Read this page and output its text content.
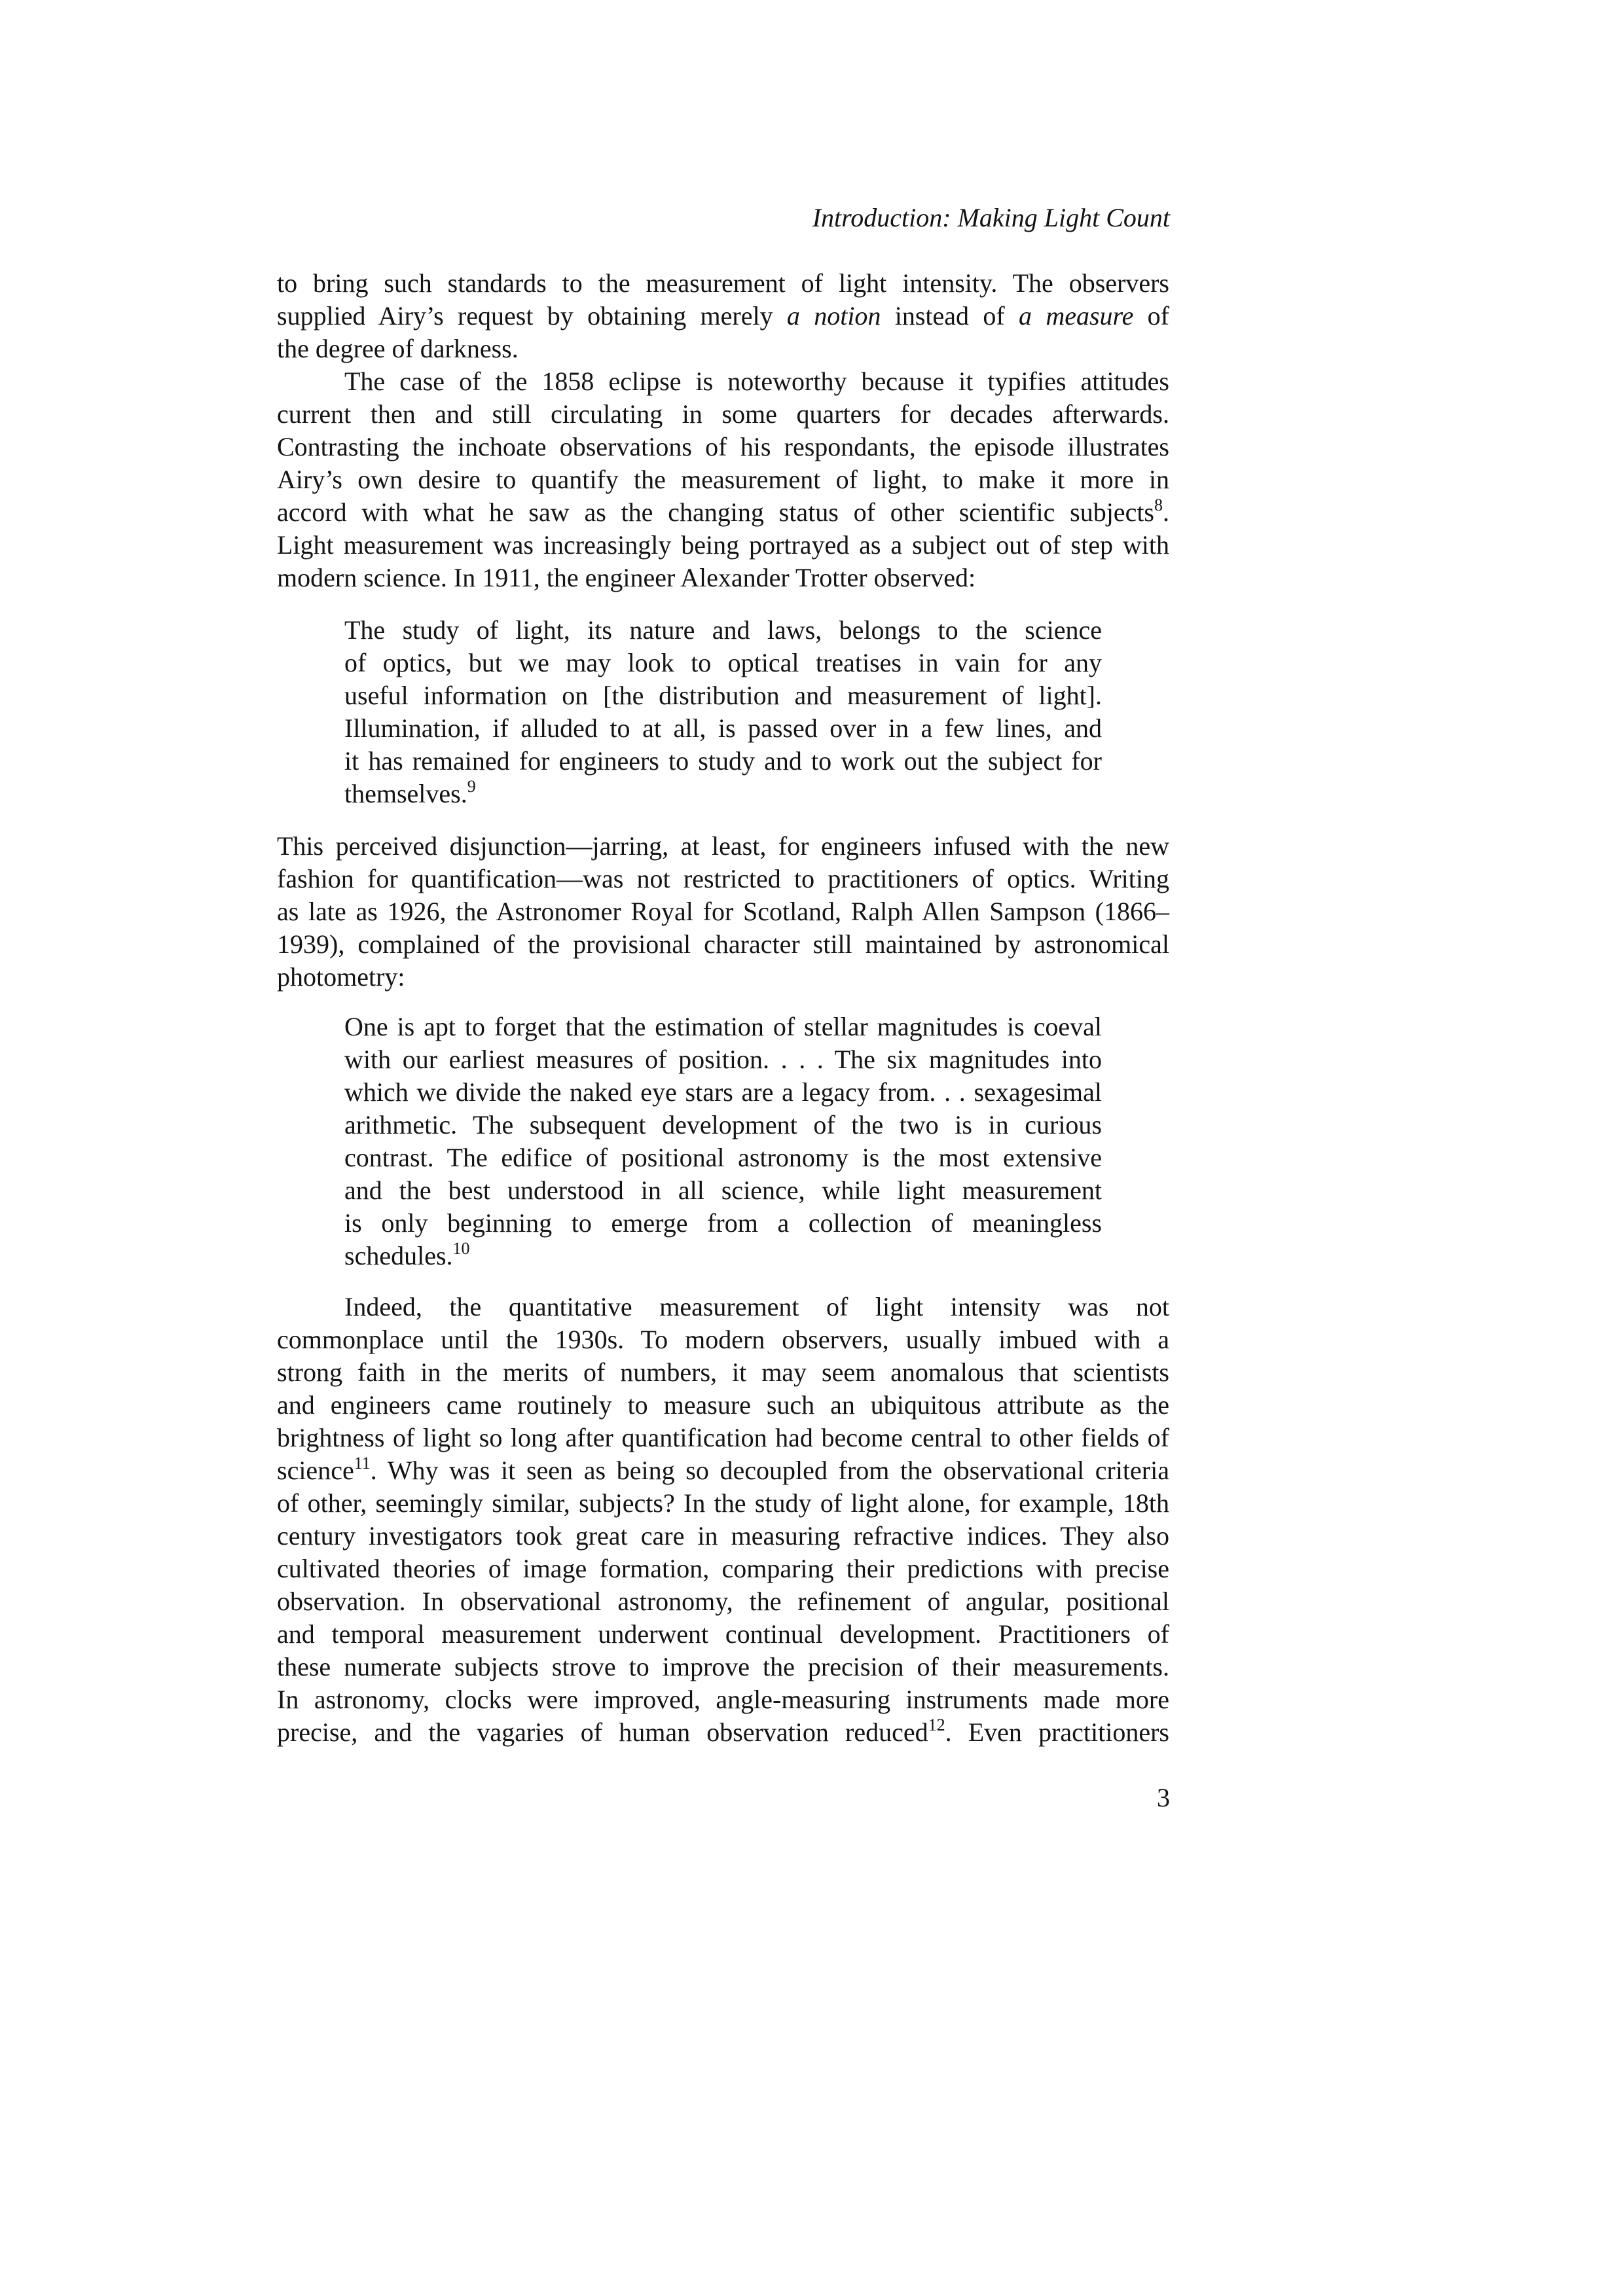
Introduction: Making Light Count
to bring such standards to the measurement of light intensity. The observers
supplied Airy’s request by obtaining merely a notion instead of a measure of
the degree of darkness.
The case of the 1858 eclipse is noteworthy because it typifies attitudes
current then and still circulating in some quarters for decades afterwards.
Contrasting the inchoate observations of his respondants, the episode illustrates
Airy’s own desire to quantify the measurement of light, to make it more in
accord with what he saw as the changing status of other scientific subjects$^8$.
Light measurement was increasingly being portrayed as a subject out of step with
modern science. In 1911, the engineer Alexander Trotter observed:
The study of light, its nature and laws, belongs to the science
of optics, but we may look to optical treatises in vain for any
useful information on [the distribution and measurement of light].
Illumination, if alluded to at all, is passed over in a few lines, and
it has remained for engineers to study and to work out the subject for
themselves.$^9$
This perceived disjunction—jarring, at least, for engineers infused with the new
fashion for quantification—was not restricted to practitioners of optics. Writing
as late as 1926, the Astronomer Royal for Scotland, Ralph Allen Sampson (1866–
1939), complained of the provisional character still maintained by astronomical
photometry:
One is apt to forget that the estimation of stellar magnitudes is coeval
with our earliest measures of position. . . . The six magnitudes into
which we divide the naked eye stars are a legacy from. . . sexagesimal
arithmetic. The subsequent development of the two is in curious
contrast. The edifice of positional astronomy is the most extensive
and the best understood in all science, while light measurement
is only beginning to emerge from a collection of meaningless
schedules.$^{10}$
Indeed, the quantitative measurement of light intensity was not
commonplace until the 1930s. To modern observers, usually imbued with a
strong faith in the merits of numbers, it may seem anomalous that scientists
and engineers came routinely to measure such an ubiquitous attribute as the
brightness of light so long after quantification had become central to other fields of
science$^{11}$. Why was it seen as being so decoupled from the observational criteria
of other, seemingly similar, subjects? In the study of light alone, for example, 18th
century investigators took great care in measuring refractive indices. They also
cultivated theories of image formation, comparing their predictions with precise
observation. In observational astronomy, the refinement of angular, positional
and temporal measurement underwent continual development. Practitioners of
these numerate subjects strove to improve the precision of their measurements.
In astronomy, clocks were improved, angle-measuring instruments made more
precise, and the vagaries of human observation reduced$^{12}$. Even practitioners
3
